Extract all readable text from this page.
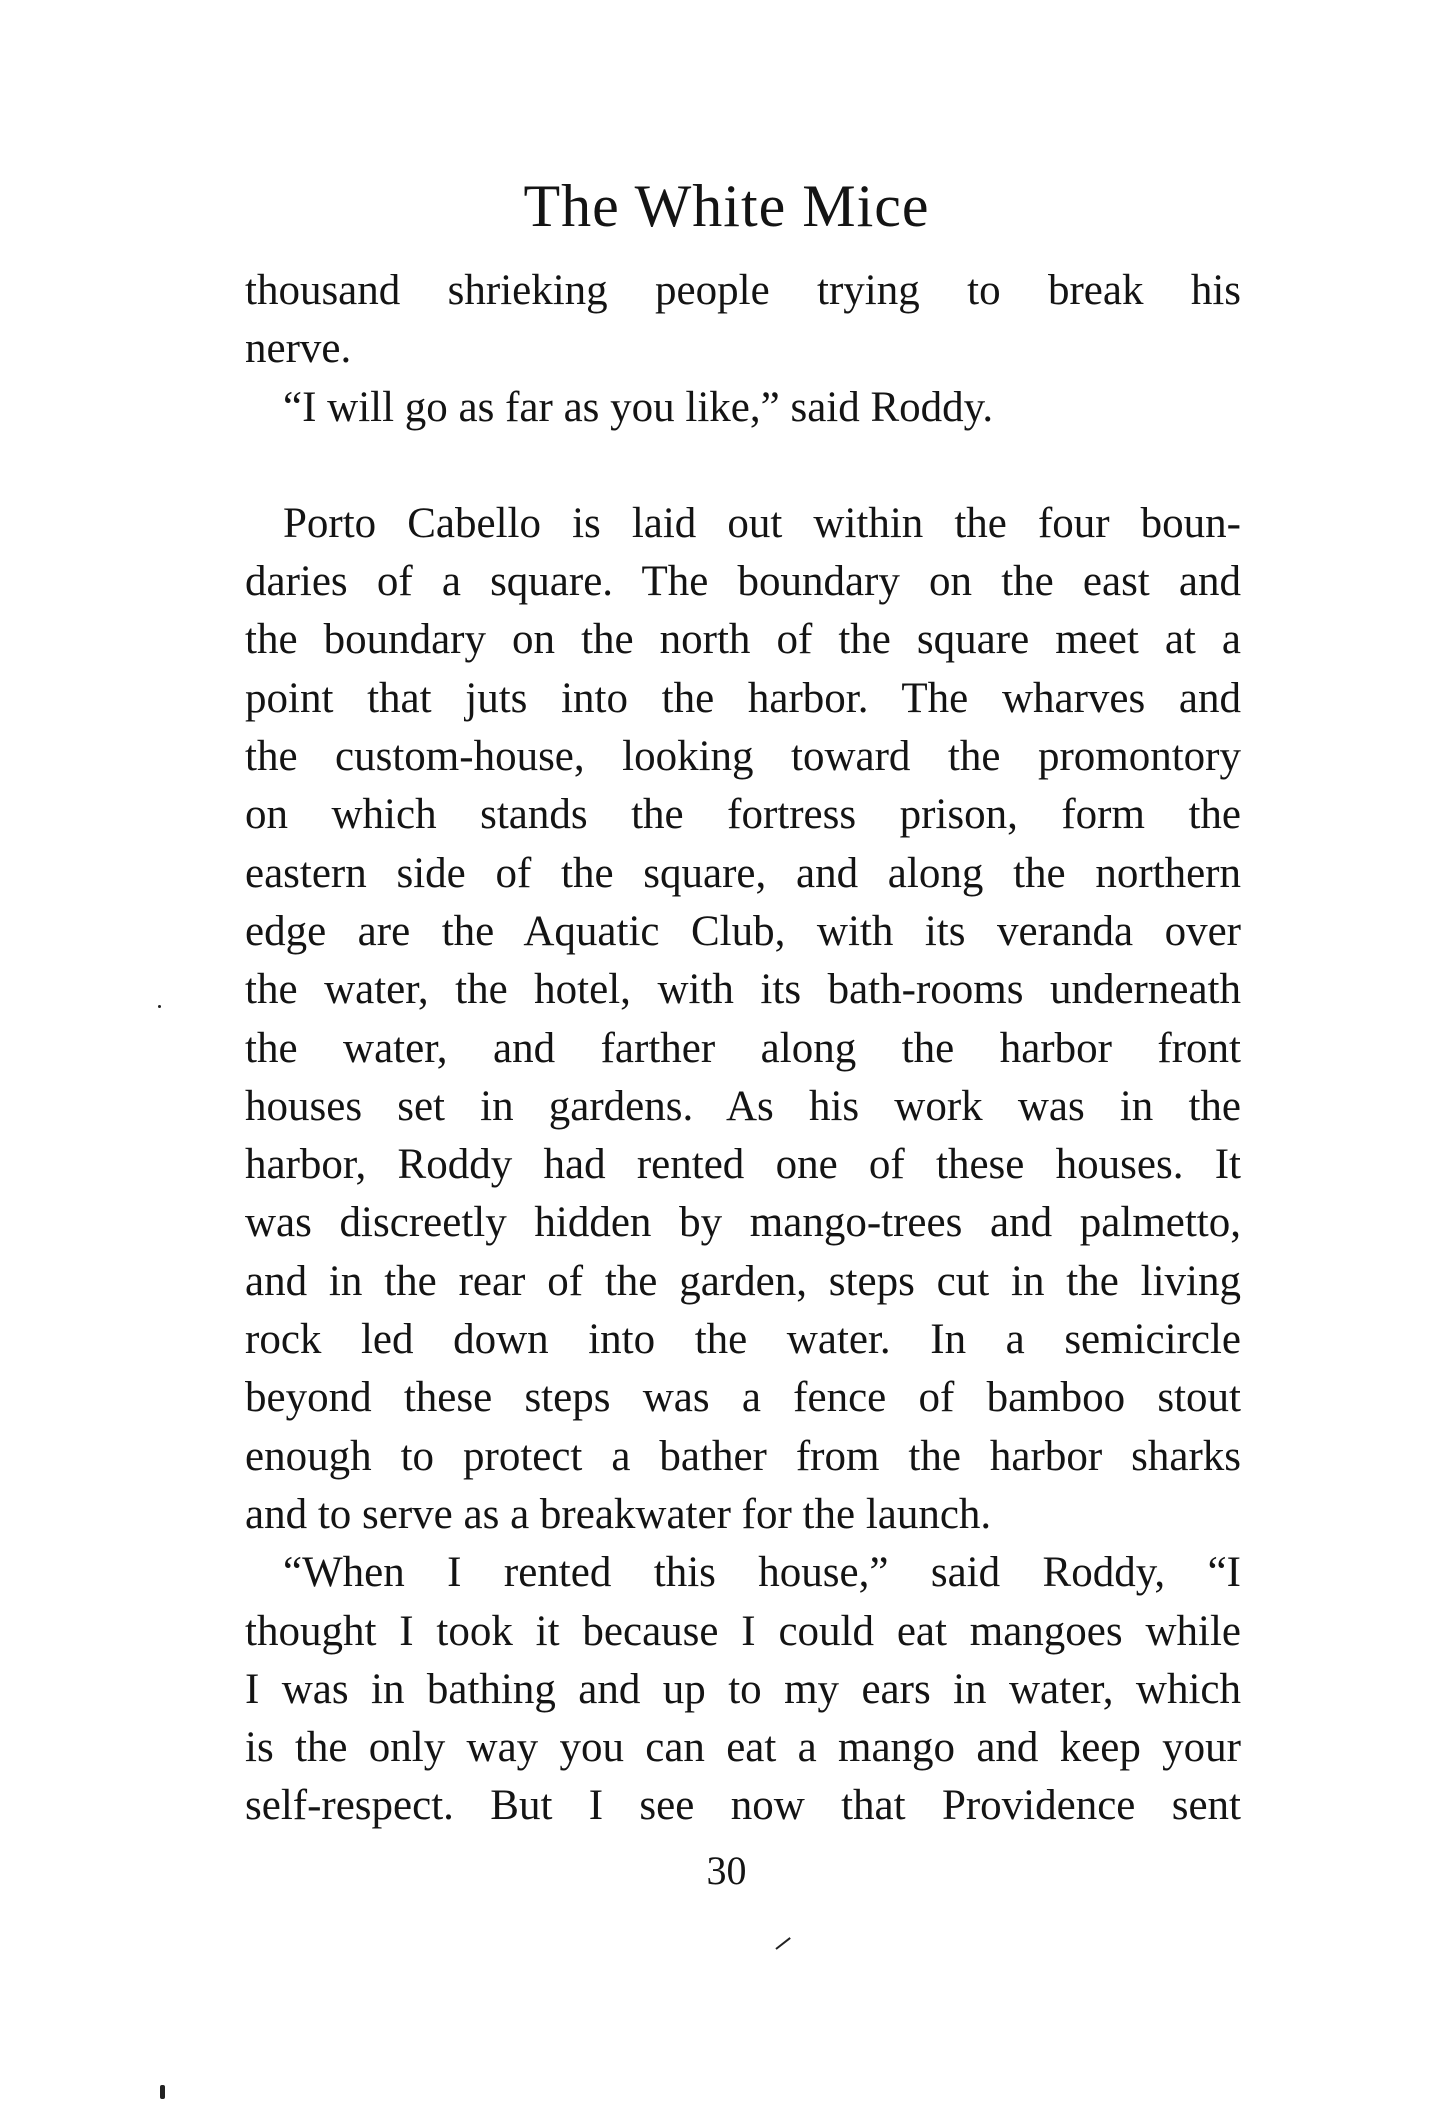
The White Mice
thousand shrieking people trying to break his
nerve.
“I will go as far as you like,” said Roddy.
Porto Cabello is laid out within the four boun-
daries of a square. The boundary on the east and
the boundary on the north of the square meet at a
point that juts into the harbor. The wharves and
the custom-house, looking toward the promontory
on which stands the fortress prison, form the
eastern side of the square, and along the northern
edge are the Aquatic Club, with its veranda over
the water, the hotel, with its bath-rooms underneath
the water, and farther along the harbor front
houses set in gardens. As his work was in the
harbor, Roddy had rented one of these houses. It
was discreetly hidden by mango-trees and palmetto,
and in the rear of the garden, steps cut in the living
rock led down into the water. In a semicircle
beyond these steps was a fence of bamboo stout
enough to protect a bather from the harbor sharks
and to serve as a breakwater for the launch.
“When I rented this house,” said Roddy, “I
thought I took it because I could eat mangoes while
I was in bathing and up to my ears in water, which
is the only way you can eat a mango and keep your
self-respect. But I see now that Providence sent
30
